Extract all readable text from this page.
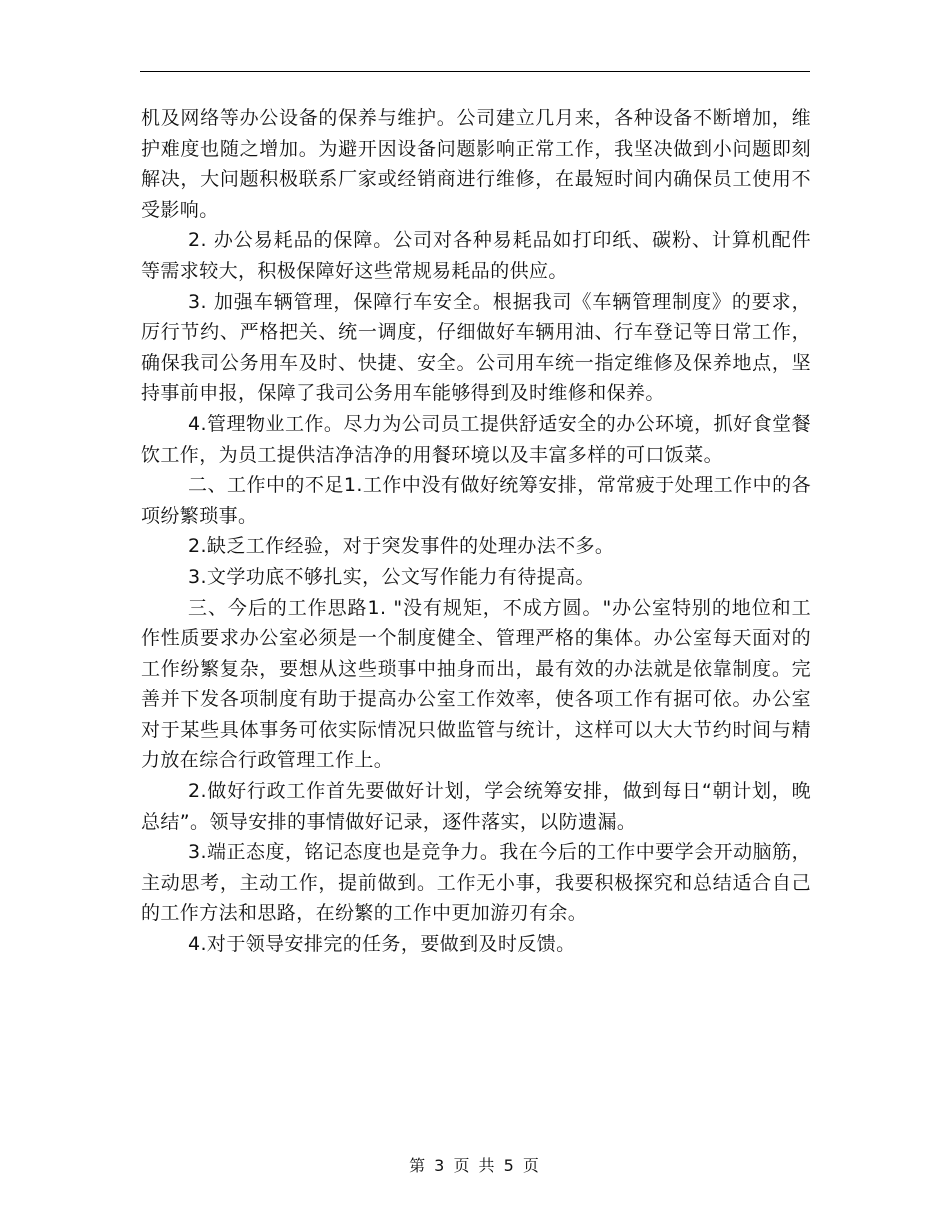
机及网络等办公设备的保养与维护。公司建立几月来，各种设备不断增加，维护难度也随之增加。为避开因设备问题影响正常工作，我坚决做到小问题即刻解决，大问题积极联系厂家或经销商进行维修，在最短时间内确保员工使用不受影响。

2. 办公易耗品的保障。公司对各种易耗品如打印纸、碳粉、计算机配件等需求较大，积极保障好这些常规易耗品的供应。

3. 加强车辆管理，保障行车安全。根据我司《车辆管理制度》的要求，厉行节约、严格把关、统一调度，仔细做好车辆用油、行车登记等日常工作，确保我司公务用车及时、快捷、安全。公司用车统一指定维修及保养地点，坚持事前申报，保障了我司公务用车能够得到及时维修和保养。

4.管理物业工作。尽力为公司员工提供舒适安全的办公环境，抓好食堂餐饮工作，为员工提供洁净洁净的用餐环境以及丰富多样的可口饭菜。

二、工作中的不足1.工作中没有做好统筹安排，常常疲于处理工作中的各项纷繁琐事。

2.缺乏工作经验，对于突发事件的处理办法不多。

3.文学功底不够扎实，公文写作能力有待提高。

三、今后的工作思路1. "没有规矩，不成方圆。"办公室特别的地位和工作性质要求办公室必须是一个制度健全、管理严格的集体。办公室每天面对的工作纷繁复杂，要想从这些琐事中抽身而出，最有效的办法就是依靠制度。完善并下发各项制度有助于提高办公室工作效率，使各项工作有据可依。办公室对于某些具体事务可依实际情况只做监管与统计，这样可以大大节约时间与精力放在综合行政管理工作上。

2.做好行政工作首先要做好计划，学会统筹安排，做到每日“朝计划，晚总结”。领导安排的事情做好记录，逐件落实，以防遗漏。

3.端正态度，铭记态度也是竞争力。我在今后的工作中要学会开动脑筋，主动思考，主动工作，提前做到。工作无小事，我要积极探究和总结适合自己的工作方法和思路，在纷繁的工作中更加游刃有余。

4.对于领导安排完的任务，要做到及时反馈。

第 3 页 共 5 页
